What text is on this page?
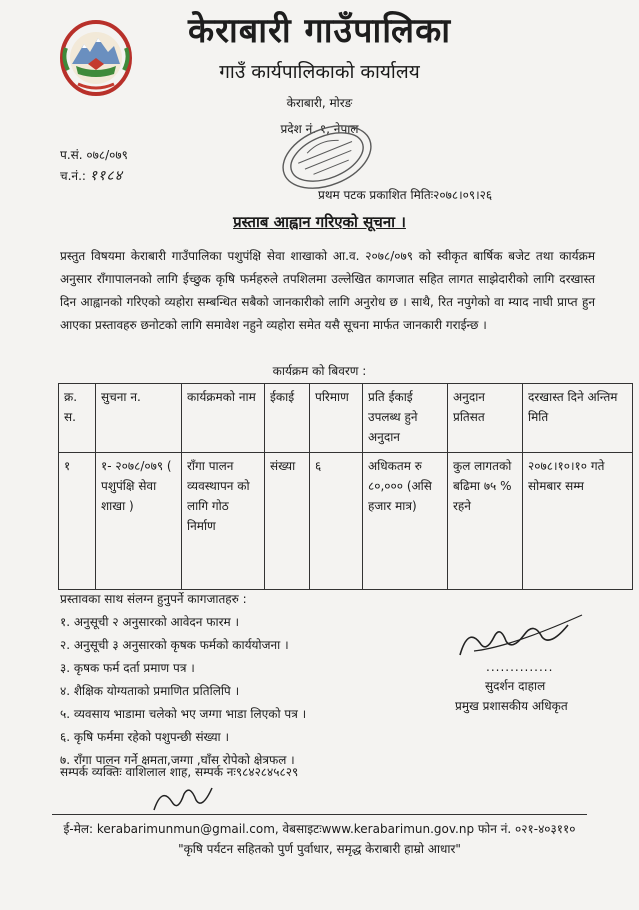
केराबारी गाउँपालिका
गाउँ कार्यपालिकाको कार्यालय
केराबारी, मोरङ
प्रदेश नं. १, नेपाल
प.सं. ०७८/०७९
च.नं.: ११८४
प्रथम पटक प्रकाशित मितिः२०७८।०९।२६
प्रस्ताब आह्वान गरिएको सूचना ।
प्रस्तुत विषयमा केराबारी गाउँपालिका पशुपंक्षि सेवा शाखाको आ.व. २०७८/०७९ को स्वीकृत बार्षिक बजेट तथा कार्यक्रम अनुसार राँगापालनको लागि ईच्छुक कृषि फर्महरुले तपशिलमा उल्लेखित कागजात सहित लागत साझेदारीको लागि दरखास्त दिन आह्वानको गरिएको व्यहोरा सम्बन्धित सबैको जानकारीको लागि अनुरोध छ । साथै, रित नपुगेको वा म्याद नाघी प्राप्त हुन आएका प्रस्तावहरु छनोटको लागि समावेश नहुने व्यहोरा समेत यसै सूचना मार्फत जानकारी गराईन्छ ।
कार्यक्रम को बिवरण :
क्र. स.	सुचना न.	कार्यक्रमको नाम	ईकाई	परिमाण	प्रति ईकाई उपलब्ध हुने अनुदान	अनुदान प्रतिसत	दरखास्त दिने अन्तिम मिति
१	१- २०७८/०७९ ( पशुपंक्षि सेवा शाखा )	राँगा पालन व्यवस्थापन को लागि गोठ निर्माण	संख्या	६	अधिकतम रु ८०,००० (असि हजार मात्र)	कुल लागतको बढिमा ७५ % रहने	२०७८।१०।१० गते सोमबार सम्म
प्रस्तावका साथ संलग्न हुनुपर्ने कागजातहरु :
१. अनुसूची २ अनुसारको आवेदन फारम ।
२. अनुसूची ३ अनुसारको कृषक फर्मको कार्ययोजना ।
३. कृषक फर्म दर्ता प्रमाण पत्र ।
४. शैक्षिक योग्यताको प्रमाणित प्रतिलिपि ।
५. व्यवसाय भाडामा चलेको भए जग्गा भाडा लिएको पत्र ।
६. कृषि फर्ममा रहेको पशुपन्छी संख्या ।
७. राँगा पालन गर्ने क्षमता,जग्गा ,घाँस रोपेको क्षेत्रफल ।
..............
सुदर्शन दाहाल
प्रमुख प्रशासकीय अधिकृत
सम्पर्क व्यक्तिः वाशिलाल शाह, सम्पर्क नः९८४२८४५८२९
ई-मेल: kerabarimunmun@gmail.com, वेबसाइटःwww.kerabarimun.gov.np फोन नं. ०२१-४०३११०
"कृषि पर्यटन सहितको पुर्ण पुर्वाधार, समृद्ध केराबारी हाम्रो आधार"
